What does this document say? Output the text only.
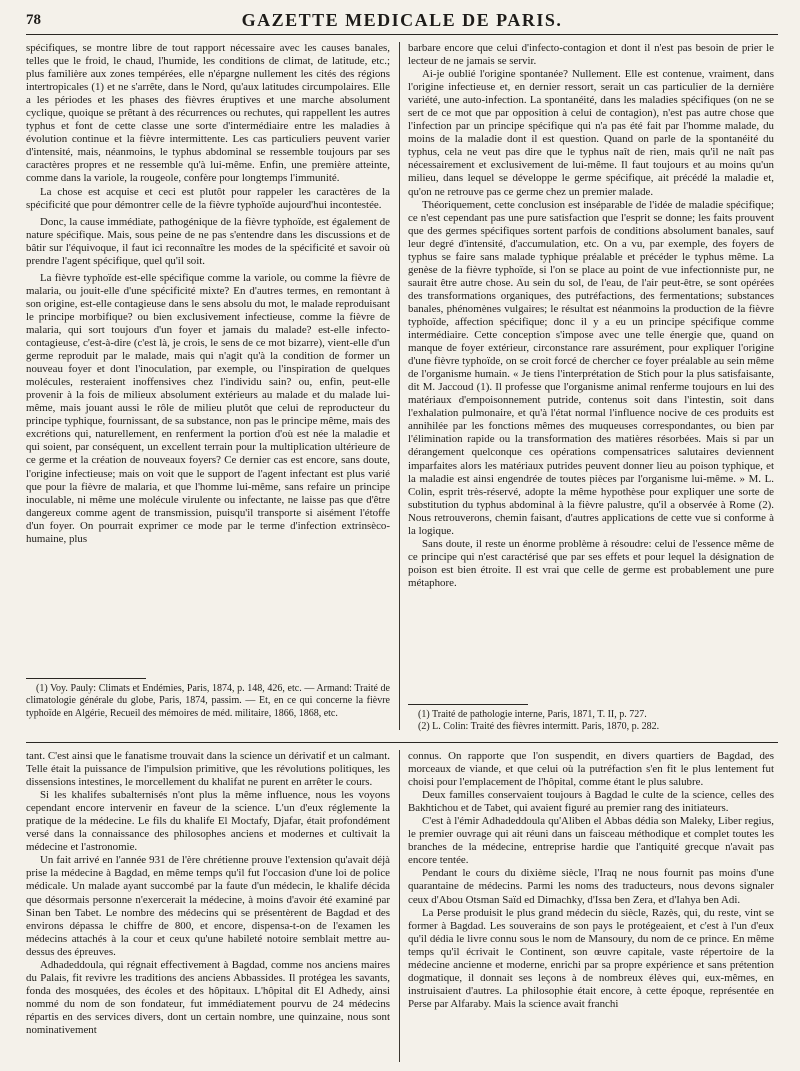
78	GAZETTE MEDICALE DE PARIS.

spécifiques, se montre libre de tout rapport nécessaire avec les causes banales, telles que le froid, le chaud, l'humide, les conditions de climat, de latitude, etc.; plus familière aux zones tempérées, elle n'épargne nullement les cités des régions intertropicales (1) et ne s'arrête, dans le Nord, qu'aux latitudes circumpolaires. Elle a les périodes et les phases des fièvres éruptives et une marche absolument cyclique, quoique se prêtant à des récurrences ou rechutes, qui rappellent les autres typhus et font de cette classe une sorte d'intermédiaire entre les maladies à évolution continue et la fièvre intermittente. Les cas particuliers peuvent varier d'intensité, mais, néanmoins, le typhus abdominal se ressemble toujours par ses caractères propres et ne ressemble qu'à lui-même. Enfin, une première atteinte, comme dans la variole, la rougeole, confère pour longtemps l'immunité.

La chose est acquise et ceci est plutôt pour rappeler les caractères de la spécificité que pour démontrer celle de la fièvre typhoïde aujourd'hui incontestée.

Donc, la cause immédiate, pathogénique de la fièvre typhoïde, est également de nature spécifique. Mais, sous peine de ne pas s'entendre dans les discussions et de bâtir sur l'équivoque, il faut ici reconnaître les modes de la spécificité et savoir où prendre l'agent spécifique, quel qu'il soit.

La fièvre typhoïde est-elle spécifique comme la variole, ou comme la fièvre de malaria, ou jouit-elle d'une spécificité mixte? En d'autres termes, en remontant à son origine, est-elle contagieuse dans le sens absolu du mot, le malade reproduisant le principe morbifique? ou bien exclusivement infectieuse, comme la fièvre de malaria, qui sort toujours d'un foyer et jamais du malade? est-elle infecto-contagieuse, c'est-à-dire (c'est là, je crois, le sens de ce mot bizarre), vient-elle d'un germe reproduit par le malade, mais qui n'agit qu'à la condition de former un nouveau foyer et dont l'inoculation, par exemple, ou l'inspiration de quelques molécules, resteraient inoffensives chez l'individu sain? ou, enfin, peut-elle provenir à la fois de milieux absolument extérieurs au malade et du malade lui-même, mais jouant aussi le rôle de milieu plutôt que celui de reproducteur du principe typhique, fournissant, de sa substance, non pas le principe même, mais des excrétions qui, naturellement, en renferment la portion d'où est née la maladie et qui soient, par conséquent, un excellent terrain pour la multiplication ultérieure de ce germe et la création de nouveaux foyers? Ce dernier cas est encore, sans doute, l'origine infectieuse; mais on voit que le support de l'agent infectant est plus varié que pour la fièvre de malaria, et que l'homme lui-même, sans refaire un principe inoculable, ni même une molécule virulente ou infectante, ne laisse pas que d'être dangereux comme agent de transmission, puisqu'il transporte si aisément l'étoffe d'un foyer. On pourrait exprimer ce mode par le terme d'infection extrinsèco-humaine, plus

(1) Voy. Pauly: Climats et Endémies, Paris, 1874, p. 148, 426, etc. — Armand: Traité de climatologie générale du globe, Paris, 1874, passim. — Et, en ce qui concerne la fièvre typhoïde en Algérie, Recueil des mémoires de méd. militaire, 1866, 1868, etc.

barbare encore que celui d'infecto-contagion et dont il n'est pas besoin de prier le lecteur de ne jamais se servir.

Ai-je oublié l'origine spontanée? Nullement. Elle est contenue, vraiment, dans l'origine infectieuse et, en dernier ressort, serait un cas particulier de la dernière variété, une auto-infection. La spontanéité, dans les maladies spécifiques (on ne se sert de ce mot que par opposition à celui de contagion), n'est pas autre chose que l'infection par un principe spécifique qui n'a pas été fait par l'homme malade, du moins de la maladie dont il est question. Quand on parle de la spontanéité du typhus, cela ne veut pas dire que le typhus naît de rien, mais qu'il ne naît pas nécessairement et exclusivement de lui-même. Il faut toujours et au moins qu'un milieu, dans lequel se développe le germe spécifique, ait précédé la maladie et, qu'on ne retrouve pas ce germe chez un premier malade.

Théoriquement, cette conclusion est inséparable de l'idée de maladie spécifique; ce n'est cependant pas une pure satisfaction que l'esprit se donne; les faits prouvent que des germes spécifiques sortent parfois de conditions absolument banales, sauf leur degré d'intensité, d'accumulation, etc. On a vu, par exemple, des foyers de typhus se faire sans malade typhique préalable et précéder le typhus même. La genèse de la fièvre typhoïde, si l'on se place au point de vue infectionniste pur, ne saurait être autre chose. Au sein du sol, de l'eau, de l'air peut-être, se sont opérées des transformations organiques, des putréfactions, des fermentations; substances banales, phénomènes vulgaires; le résultat est néanmoins la production de la fièvre typhoïde, affection spécifique; donc il y a eu un principe spécifique comme intermédiaire. Cette conception s'impose avec une telle énergie que, quand on manque de foyer extérieur, circonstance rare assurément, pour expliquer l'origine d'une fièvre typhoïde, on se croit forcé de chercher ce foyer préalable au sein même de l'organisme humain. « Je tiens l'interprétation de Stich pour la plus satisfaisante, dit M. Jaccoud (1). Il professe que l'organisme animal renferme toujours en lui des matériaux d'empoisonnement putride, contenus soit dans l'intestin, soit dans l'exhalation pulmonaire, et qu'à l'état normal l'influence nocive de ces produits est annihilée par les fonctions mêmes des muqueuses correspondantes, ou bien par l'élimination rapide ou la transformation des matières résorbées. Mais si par un dérangement quelconque ces opérations compensatrices salutaires deviennent imparfaites alors les matériaux putrides peuvent donner lieu au poison typhique, et la maladie est ainsi engendrée de toutes pièces par l'organisme lui-même. » M. L. Colin, esprit très-réservé, adopte la même hypothèse pour expliquer une sorte de substitution du typhus abdominal à la fièvre palustre, qu'il a observée à Rome (2). Nous retrouverons, chemin faisant, d'autres applications de cette vue si conforme à la logique.

Sans doute, il reste un énorme problème à résoudre: celui de l'essence même de ce principe qui n'est caractérisé que par ses effets et pour lequel la désignation de poison est bien étroite. Il est vrai que celle de germe est probablement une pure métaphore.

(1) Traité de pathologie interne, Paris, 1871, T. II, p. 727.

(2) L. Colin: Traité des fièvres intermitt. Paris, 1870, p. 282.

tant. C'est ainsi que le fanatisme trouvait dans la science un dérivatif et un calmant. Telle était la puissance de l'impulsion primitive, que les révolutions politiques, les dissensions intestines, le morcellement du khalifat ne purent en arrêter le cours.

Si les khalifes subalternisés n'ont plus la même influence, nous les voyons cependant encore intervenir en faveur de la science. L'un d'eux réglemente la pratique de la médecine. Le fils du khalife El Moctafy, Djafar, était profondément versé dans la connaissance des philosophes anciens et modernes et cultivait la médecine et l'astronomie.

Un fait arrivé en l'année 931 de l'ère chrétienne prouve l'extension qu'avait déjà prise la médecine à Bagdad, en même temps qu'il fut l'occasion d'une loi de police médicale. Un malade ayant succombé par la faute d'un médecin, le khalife décida que désormais personne n'exercerait la médecine, à moins d'avoir été examiné par Sinan ben Tabet. Le nombre des médecins qui se présentèrent de Bagdad et des environs dépassa le chiffre de 800, et encore, dispensa-t-on de l'examen les médecins attachés à la cour et ceux qu'une habileté notoire semblait mettre au-dessus des épreuves.

Adhadeddoula, qui régnait effectivement à Bagdad, comme nos anciens maires du Palais, fit revivre les traditions des anciens Abbassides. Il protégea les savants, fonda des mosquées, des écoles et des hôpitaux. L'hôpital dit El Adhedy, ainsi nommé du nom de son fondateur, fut immédiatement pourvu de 24 médecins répartis en des services divers, dont un certain nombre, une quinzaine, nous sont nominativement

connus. On rapporte que l'on suspendit, en divers quartiers de Bagdad, des morceaux de viande, et que celui où la putréfaction s'en fit le plus lentement fut choisi pour l'emplacement de l'hôpital, comme étant le plus salubre.

Deux familles conservaient toujours à Bagdad le culte de la science, celles des Bakhtichou et de Tabet, qui avaient figuré au premier rang des initiateurs.

C'est à l'émir Adhadeddoula qu'Aliben el Abbas dédia son Maleky, Liber regius, le premier ouvrage qui ait réuni dans un faisceau méthodique et complet toutes les branches de la médecine, entreprise hardie que l'antiquité grecque n'avait pas encore tentée.

Pendant le cours du dixième siècle, l'Iraq ne nous fournit pas moins d'une quarantaine de médecins. Parmi les noms des traducteurs, nous devons signaler ceux d'Abou Otsman Saïd ed Dimachky, d'Issa ben Zera, et d'Iahya ben Adi.

La Perse produisit le plus grand médecin du siècle, Razès, qui, du reste, vint se former à Bagdad. Les souverains de son pays le protégeaient, et c'est à l'un d'eux qu'il dédia le livre connu sous le nom de Mansoury, du nom de ce prince. En même temps qu'il écrivait le Continent, son œuvre capitale, vaste répertoire de la médecine ancienne et moderne, enrichi par sa propre expérience et sans prétention dogmatique, il donnait ses leçons à de nombreux élèves qui, eux-mêmes, en instruisaient d'autres. La philosophie était encore, à cette époque, représentée en Perse par Alfaraby. Mais la science avait franchi
